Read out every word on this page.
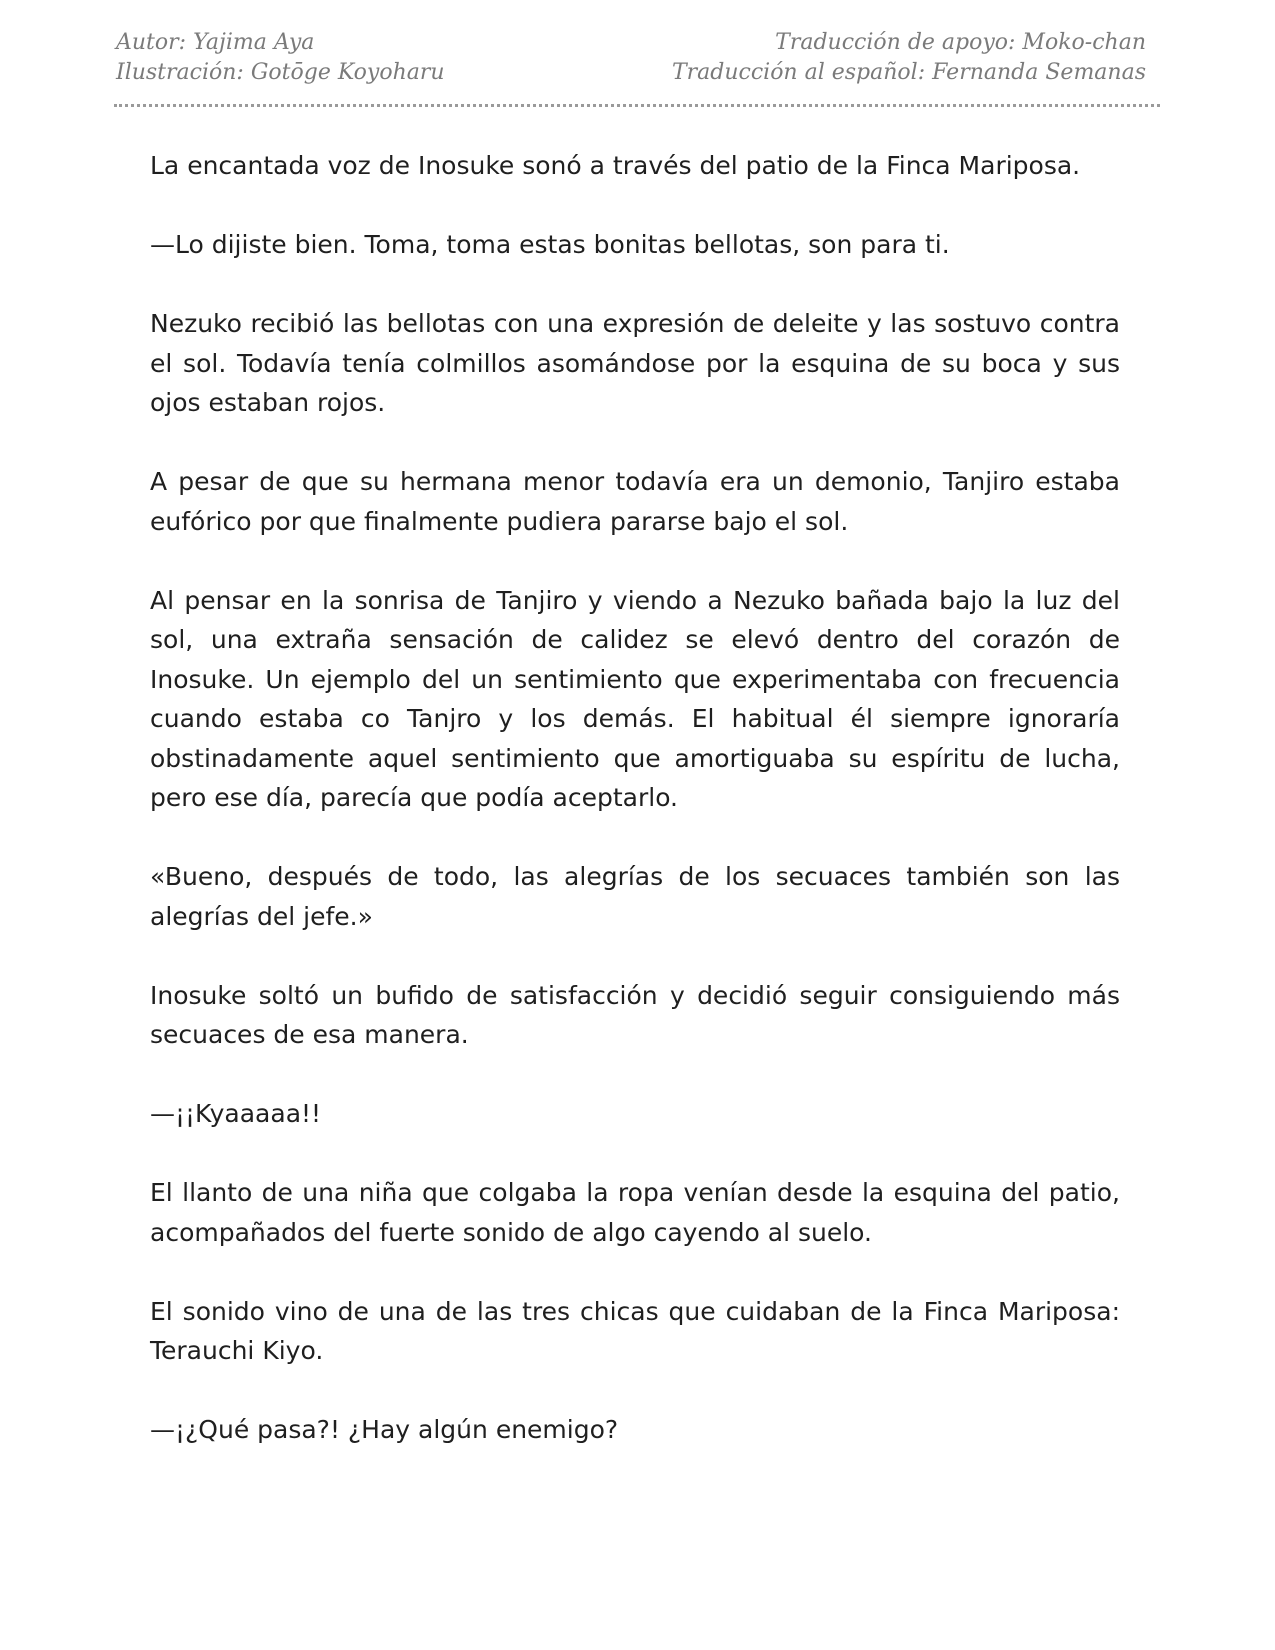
Autor: Yajima Aya
Ilustración: Gotōge Koyoharu
Traducción de apoyo: Moko-chan
Traducción al español: Fernanda Semanas

La encantada voz de Inosuke sonó a través del patio de la Finca Mariposa.

—Lo dijiste bien. Toma, toma estas bonitas bellotas, son para ti.

Nezuko recibió las bellotas con una expresión de deleite y las sostuvo contra el sol. Todavía tenía colmillos asomándose por la esquina de su boca y sus ojos estaban rojos.

A pesar de que su hermana menor todavía era un demonio, Tanjiro estaba eufórico por que finalmente pudiera pararse bajo el sol.

Al pensar en la sonrisa de Tanjiro y viendo a Nezuko bañada bajo la luz del sol, una extraña sensación de calidez se elevó dentro del corazón de Inosuke. Un ejemplo del un sentimiento que experimentaba con frecuencia cuando estaba co Tanjro y los demás. El habitual él siempre ignoraría obstinadamente aquel sentimiento que amortiguaba su espíritu de lucha, pero ese día, parecía que podía aceptarlo.

«Bueno, después de todo, las alegrías de los secuaces también son las alegrías del jefe.»

Inosuke soltó un bufido de satisfacción y decidió seguir consiguiendo más secuaces de esa manera.

—¡¡Kyaaaaa!!

El llanto de una niña que colgaba la ropa venían desde la esquina del patio, acompañados del fuerte sonido de algo cayendo al suelo.

El sonido vino de una de las tres chicas que cuidaban de la Finca Mariposa: Terauchi Kiyo.

—¡¿Qué pasa?! ¿Hay algún enemigo?
